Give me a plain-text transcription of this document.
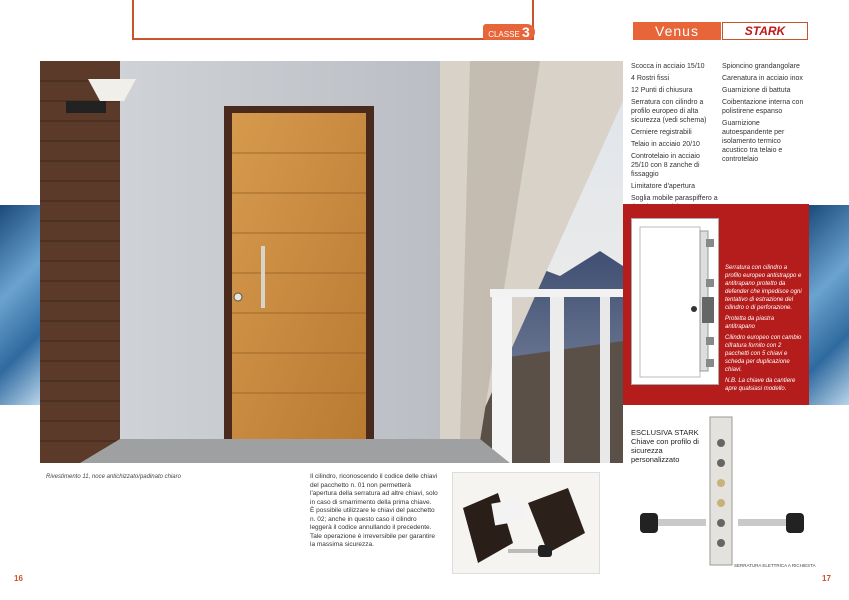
CLASSE 3	Venus	STARK
Scocca in acciaio 15/10
4 Rostri fissi
12 Punti di chiusura
Serratura con cilindro a profilo europeo di alta sicurezza (vedi schema)
Cerniere registrabili
Telaio in acciaio 20/10
Controtelaio in acciaio 25/10 con 8 zanche di fissaggio
Limitatore d'apertura
Soglia mobile paraspiffero a
Spioncino grandangolare
Carenatura in acciaio inox
Guarnizione di battuta
Coibentazione interna con polistirene espanso
Guarnizione autoespandente per isolamento termico acustico tra telaio e controtelaio
Serratura con cilindro a profilo europeo antistrappo e antitrapano protetto da defender che impedisce ogni tentativo di estrazione del cilindro o di perforazione.
Protetta da piastra antitrapano
Cilindro europeo con cambio cifratura fornito con 2 pacchetti con 5 chiavi e scheda per duplicazione chiavi.
N.B. La chiave da cantiere apre qualsiasi modello.
Rivestimento 11, noce antichizzato/padinato chiaro	Il cilindro, riconoscendo il codice delle chiavi del pacchetto n. 01 non permetterà l'apertura della serratura ad altre chiavi, solo in caso di smarrimento della prima chiave.
È possibile utilizzare le chiavi del pacchetto n. 02; anche in questo caso il cilindro leggerà il codice annullando il precedente.
Tale operazione è irreversibile per garantire la massima sicurezza.
ESCLUSIVA STARK
Chiave con profilo di sicurezza personalizzato
SERRATURA ELETTRICA A RICHIESTA
16	17
